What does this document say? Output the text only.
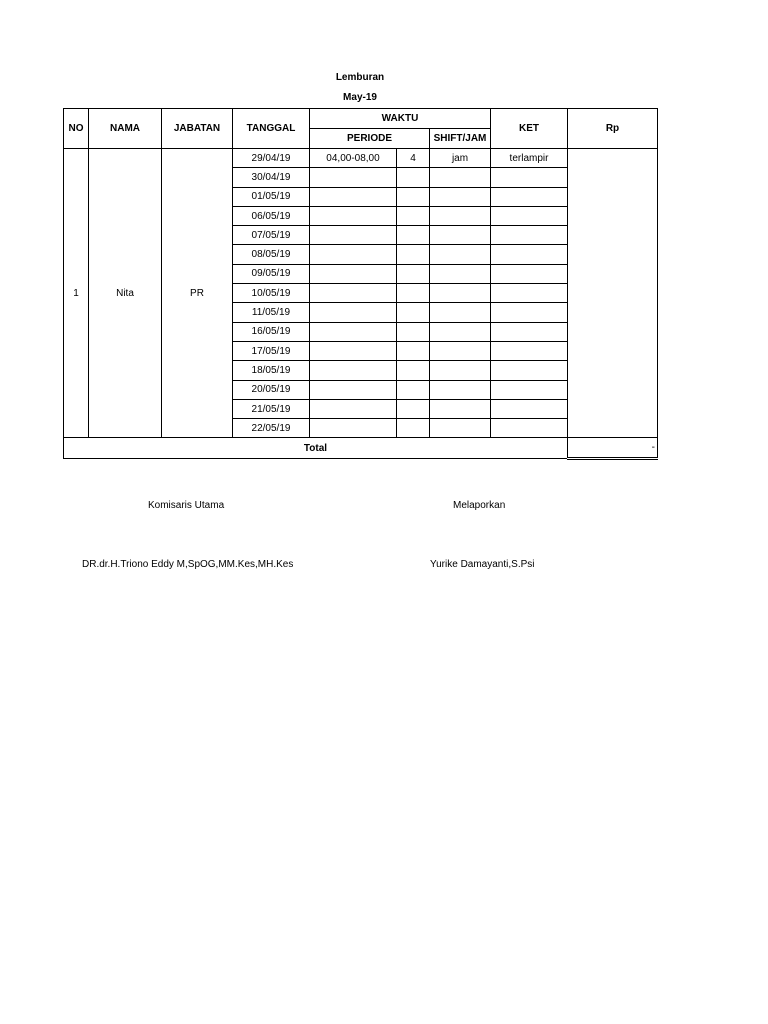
Lemburan
May-19
NO	NAMA	JABATAN	TANGGAL	WAKTU			KET	Rp
				PERIODE		SHIFT/JAM		
1	Nita	PR	29/04/19	04,00-08,00	4	jam	terlampir	
			30/04/19					
			01/05/19					
			06/05/19					
			07/05/19					
			08/05/19					
			09/05/19					
			10/05/19					
			11/05/19					
			16/05/19					
			17/05/19					
			18/05/19					
			20/05/19					
			21/05/19					
			22/05/19					
Total								-
Komisaris Utama	Melaporkan
DR.dr.H.Triono Eddy M,SpOG,MM.Kes,MH.Kes	Yurike Damayanti,S.Psi
